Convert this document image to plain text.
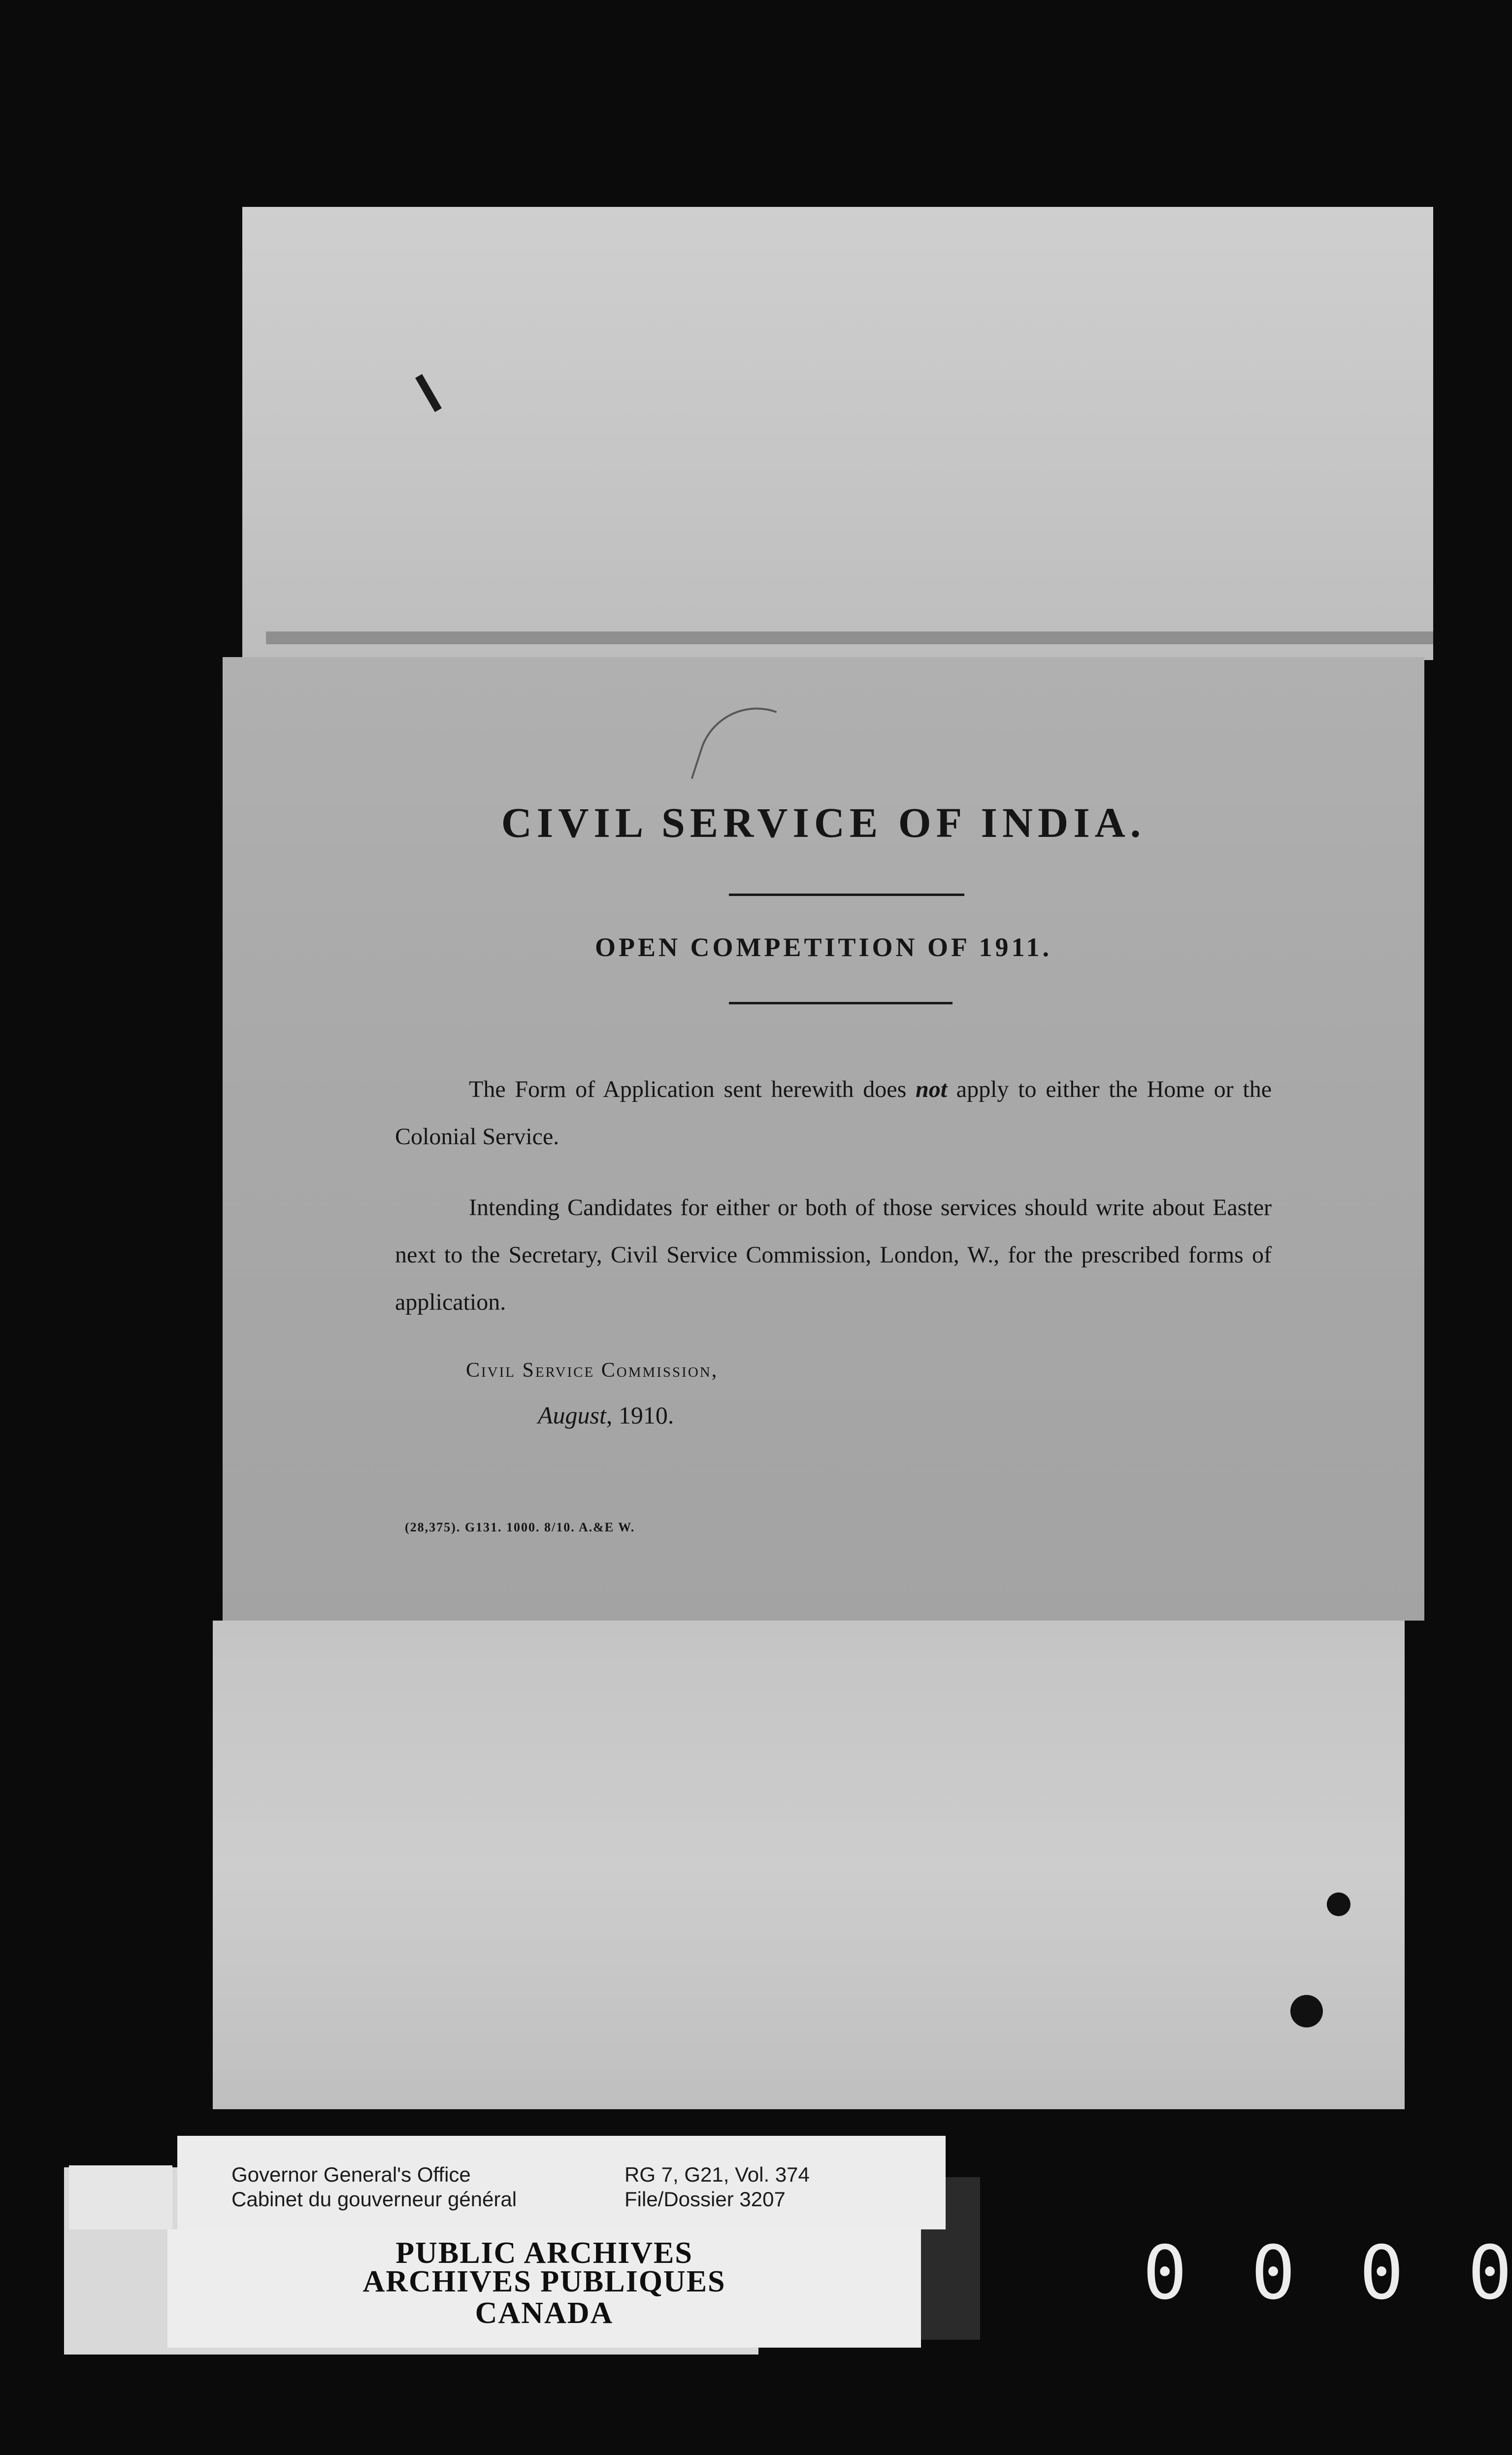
CIVIL SERVICE OF INDIA.
OPEN COMPETITION OF 1911.
The Form of Application sent herewith does not apply to either the Home or the Colonial Service.
Intending Candidates for either or both of those services should write about Easter next to the Secretary, Civil Service Commission, London, W., for the prescribed forms of application.
Civil Service Commission,
August, 1910.
(28,375). G131. 1000. 8/10. A.&E W.
Governor General's Office
Cabinet du gouverneur général
RG 7, G21, Vol. 374
File/Dossier 3207
PUBLIC ARCHIVES
ARCHIVES PUBLIQUES
CANADA	0 0 0 0
